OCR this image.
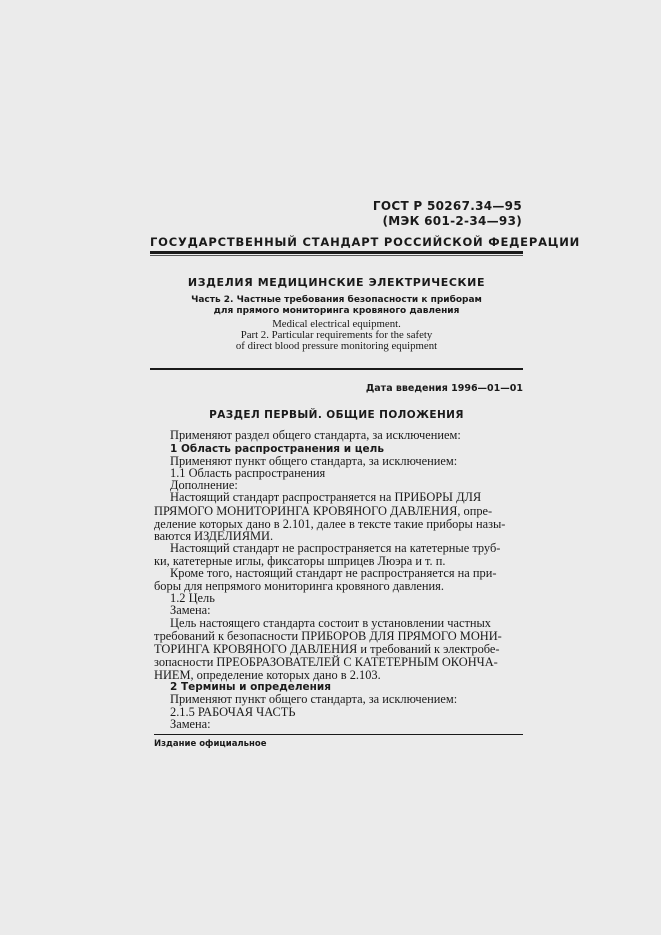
ГОСТ Р 50267.34—95
(МЭК 601-2-34—93)
ГОСУДАРСТВЕННЫЙ СТАНДАРТ РОССИЙСКОЙ ФЕДЕРАЦИИ
ИЗДЕЛИЯ МЕДИЦИНСКИЕ ЭЛЕКТРИЧЕСКИЕ
Часть 2. Частные требования безопасности к приборам
для прямого мониторинга кровяного давления
Medical electrical equipment.
Part 2. Particular requirements for the safety
of direct blood pressure monitoring equipment
Дата введения 1996—01—01
РАЗДЕЛ ПЕРВЫЙ. ОБЩИЕ ПОЛОЖЕНИЯ
Применяют раздел общего стандарта, за исключением:
1 Область распространения и цель
Применяют пункт общего стандарта, за исключением:
1.1 Область распространения
Дополнение:
Настоящий стандарт распространяется на ПРИБОРЫ ДЛЯ
ПРЯМОГО МОНИТОРИНГА КРОВЯНОГО ДАВЛЕНИЯ, опре-
деление которых дано в 2.101, далее в тексте такие приборы назы-
ваются ИЗДЕЛИЯМИ.
Настоящий стандарт не распространяется на катетерные труб-
ки, катетерные иглы, фиксаторы шприцев Люэра и т. п.
Кроме того, настоящий стандарт не распространяется на при-
боры для непрямого мониторинга кровяного давления.
1.2 Цель
Замена:
Цель настоящего стандарта состоит в установлении частных
требований к безопасности ПРИБОРОВ ДЛЯ ПРЯМОГО МОНИ-
ТОРИНГА КРОВЯНОГО ДАВЛЕНИЯ и требований к электробе-
зопасности ПРЕОБРАЗОВАТЕЛЕЙ С КАТЕТЕРНЫМ ОКОНЧА-
НИЕМ, определение которых дано в 2.103.
2 Термины и определения
Применяют пункт общего стандарта, за исключением:
2.1.5 РАБОЧАЯ ЧАСТЬ
Замена:
Издание официальное
